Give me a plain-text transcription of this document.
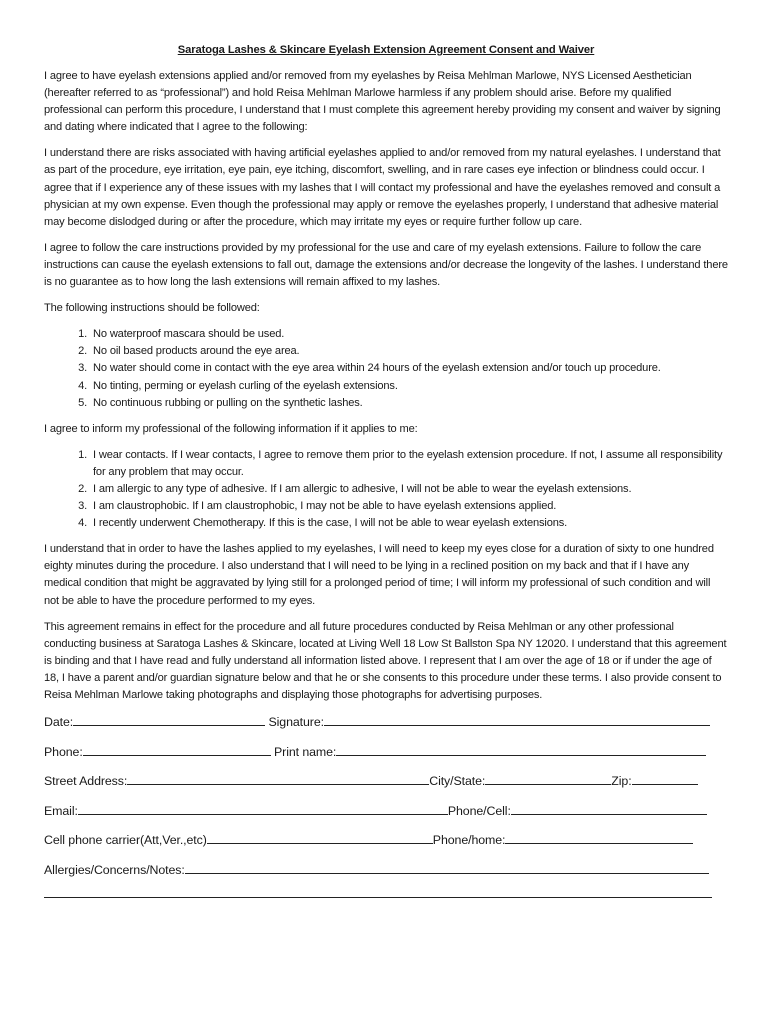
Saratoga Lashes & Skincare Eyelash Extension Agreement Consent and Waiver

I agree to have eyelash extensions applied and/or removed from my eyelashes by Reisa Mehlman Marlowe, NYS Licensed Aesthetician (hereafter referred to as “professional”) and hold Reisa Mehlman Marlowe harmless if any problem should arise. Before my qualified professional can perform this procedure, I understand that I must complete this agreement hereby providing my consent and waiver by signing and dating where indicated that I agree to the following:

I understand there are risks associated with having artificial eyelashes applied to and/or removed from my natural eyelashes. I understand that as part of the procedure, eye irritation, eye pain, eye itching, discomfort, swelling, and in rare cases eye infection or blindness could occur. I agree that if I experience any of these issues with my lashes that I will contact my professional and have the eyelashes removed and consult a physician at my own expense. Even though the professional may apply or remove the eyelashes properly, I understand that adhesive material may become dislodged during or after the procedure, which may irritate my eyes or require further follow up care.

I agree to follow the care instructions provided by my professional for the use and care of my eyelash extensions. Failure to follow the care instructions can cause the eyelash extensions to fall out, damage the extensions and/or decrease the longevity of the lashes. I understand there is no guarantee as to how long the lash extensions will remain affixed to my lashes.

The following instructions should be followed:

1. No waterproof mascara should be used.
2. No oil based products around the eye area.
3. No water should come in contact with the eye area within 24 hours of the eyelash extension and/or touch up procedure.
4. No tinting, perming or eyelash curling of the eyelash extensions.
5. No continuous rubbing or pulling on the synthetic lashes.

I agree to inform my professional of the following information if it applies to me:

1. I wear contacts. If I wear contacts, I agree to remove them prior to the eyelash extension procedure. If not, I assume all responsibility for any problem that may occur.
2. I am allergic to any type of adhesive. If I am allergic to adhesive, I will not be able to wear the eyelash extensions.
3. I am claustrophobic. If I am claustrophobic, I may not be able to have eyelash extensions applied.
4. I recently underwent Chemotherapy. If this is the case, I will not be able to wear eyelash extensions.

I understand that in order to have the lashes applied to my eyelashes, I will need to keep my eyes close for a duration of sixty to one hundred eighty minutes during the procedure. I also understand that I will need to be lying in a reclined position on my back and that if I have any medical condition that might be aggravated by lying still for a prolonged period of time; I will inform my professional of such condition and will not be able to have the procedure performed to my eyes.

This agreement remains in effect for the procedure and all future procedures conducted by Reisa Mehlman or any other professional conducting business at Saratoga Lashes & Skincare, located at Living Well 18 Low St Ballston Spa NY 12020. I understand that this agreement is binding and that I have read and fully understand all information listed above. I represent that I am over the age of 18 or if under the age of 18, I have a parent and/or guardian signature below and that he or she consents to this procedure under these terms. I also provide consent to Reisa Mehlman Marlowe taking photographs and displaying those photographs for advertising purposes.

Date:	Signature:
Phone:	Print name:
Street Address:	City/State:	Zip:
Email:	Phone/Cell:
Cell phone carrier(Att,Ver.,etc)	Phone/home:
Allergies/Concerns/Notes:
